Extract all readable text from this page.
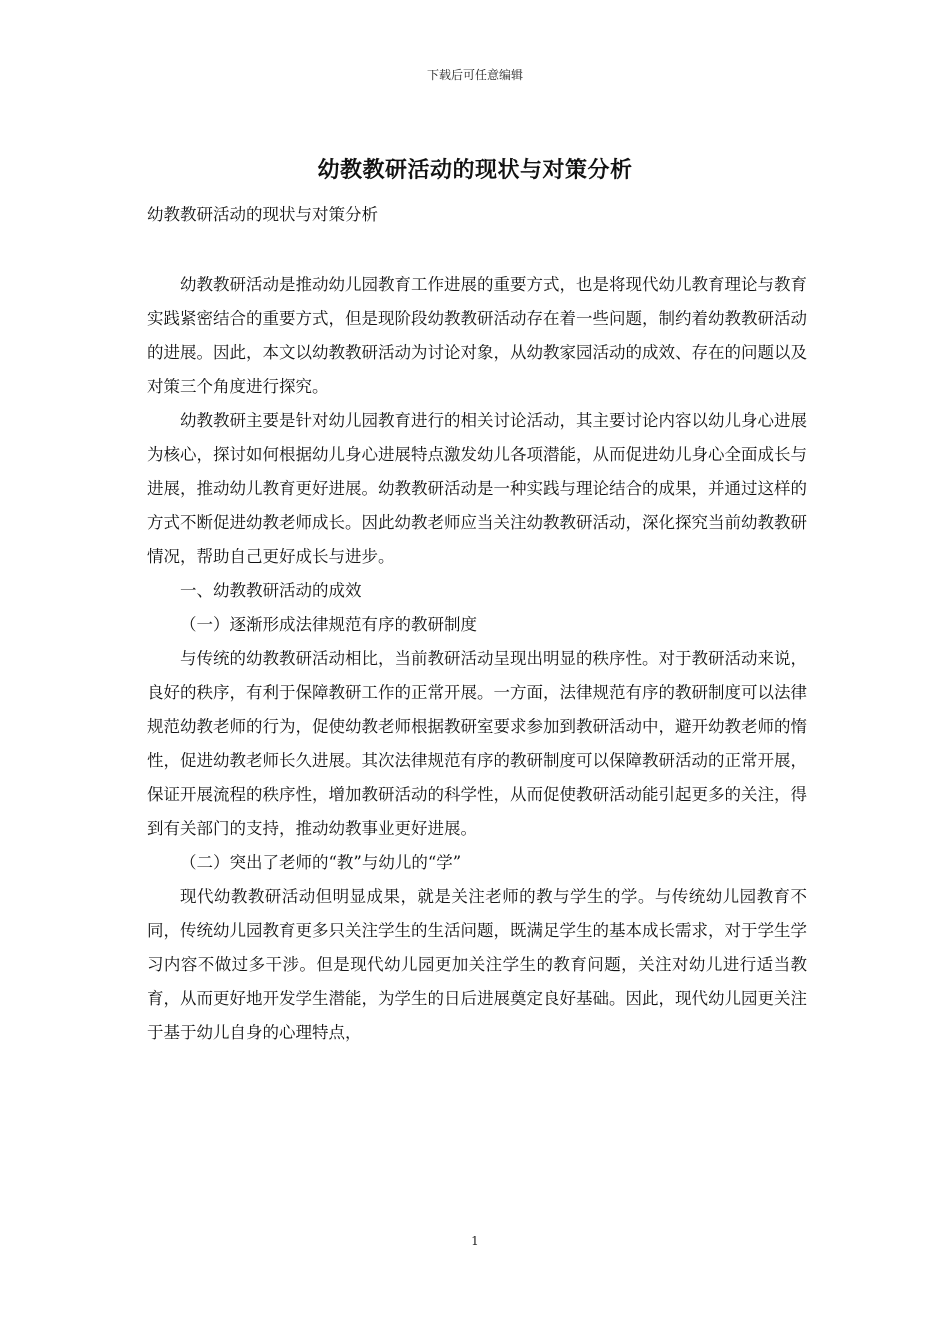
下载后可任意编辑
幼教教研活动的现状与对策分析

幼教教研活动的现状与对策分析

幼教教研活动是推动幼儿园教育工作进展的重要方式，也是将现代幼儿教育理论与教育实践紧密结合的重要方式，但是现阶段幼教教研活动存在着一些问题，制约着幼教教研活动的进展。因此，本文以幼教教研活动为讨论对象，从幼教家园活动的成效、存在的问题以及对策三个角度进行探究。

幼教教研主要是针对幼儿园教育进行的相关讨论活动，其主要讨论内容以幼儿身心进展为核心，探讨如何根据幼儿身心进展特点激发幼儿各项潜能，从而促进幼儿身心全面成长与进展，推动幼儿教育更好进展。幼教教研活动是一种实践与理论结合的成果，并通过这样的方式不断促进幼教老师成长。因此幼教老师应当关注幼教教研活动，深化探究当前幼教教研情况，帮助自己更好成长与进步。

一、幼教教研活动的成效

（一）逐渐形成法律规范有序的教研制度

与传统的幼教教研活动相比，当前教研活动呈现出明显的秩序性。对于教研活动来说，良好的秩序，有利于保障教研工作的正常开展。一方面，法律规范有序的教研制度可以法律规范幼教老师的行为，促使幼教老师根据教研室要求参加到教研活动中，避开幼教老师的惰性，促进幼教老师长久进展。其次法律规范有序的教研制度可以保障教研活动的正常开展，保证开展流程的秩序性，增加教研活动的科学性，从而促使教研活动能引起更多的关注，得到有关部门的支持，推动幼教事业更好进展。

（二）突出了老师的“教”与幼儿的“学”

现代幼教教研活动但明显成果，就是关注老师的教与学生的学。与传统幼儿园教育不同，传统幼儿园教育更多只关注学生的生活问题，既满足学生的基本成长需求，对于学生学习内容不做过多干涉。但是现代幼儿园更加关注学生的教育问题，关注对幼儿进行适当教育，从而更好地开发学生潜能，为学生的日后进展奠定良好基础。因此，现代幼儿园更关注于基于幼儿自身的心理特点，

1
